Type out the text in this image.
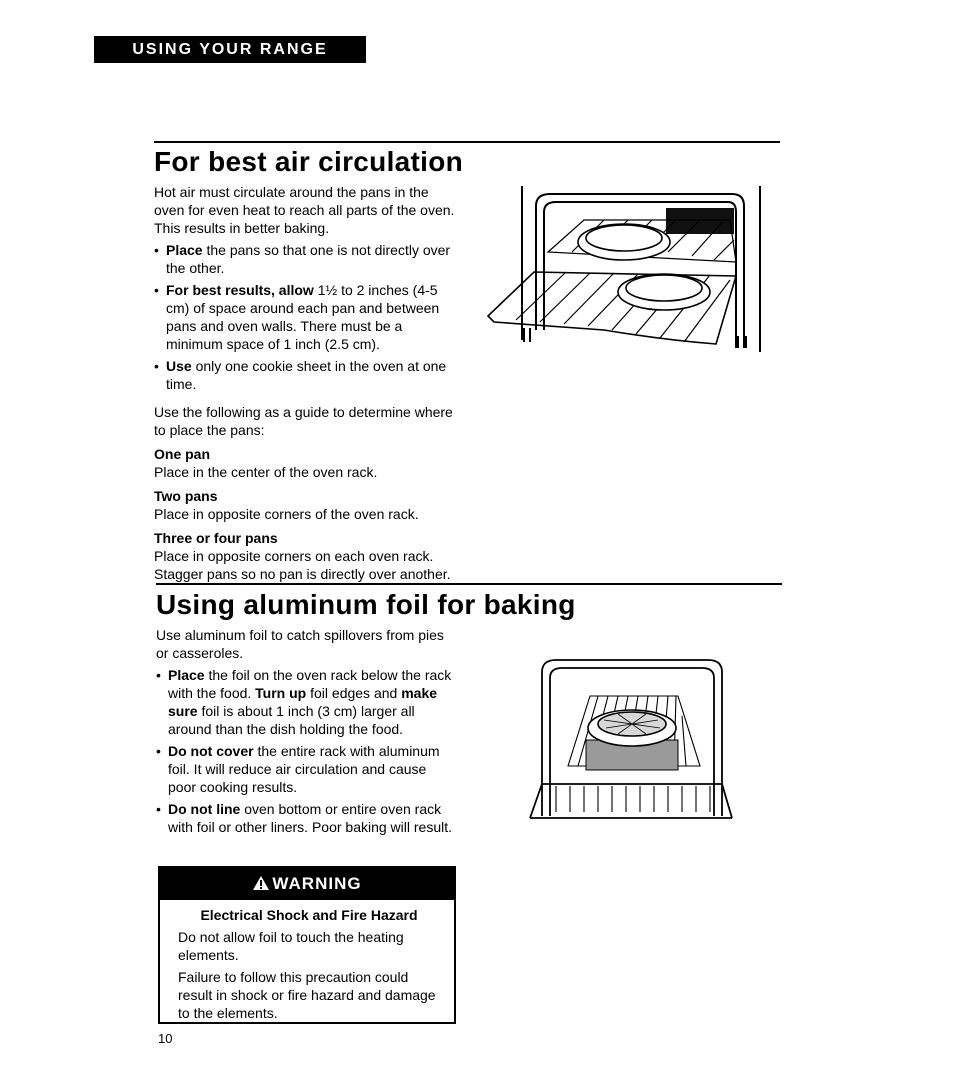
USING YOUR RANGE
For best air circulation

Hot air must circulate around the pans in the oven for even heat to reach all parts of the oven. This results in better baking.

• Place the pans so that one is not directly over the other.
• For best results, allow 1½ to 2 inches (4-5 cm) of space around each pan and between pans and oven walls. There must be a minimum space of 1 inch (2.5 cm).
• Use only one cookie sheet in the oven at one time.

Use the following as a guide to determine where to place the pans:

One pan

Place in the center of the oven rack.

Two pans

Place in opposite corners of the oven rack.

Three or four pans

Place in opposite corners on each oven rack. Stagger pans so no pan is directly over another.

Using aluminum foil for baking

Use aluminum foil to catch spillovers from pies or casseroles.

• Place the foil on the oven rack below the rack with the food. Turn up foil edges and make sure foil is about 1 inch (3 cm) larger all around than the dish holding the food.
• Do not cover the entire rack with aluminum foil. It will reduce air circulation and cause poor cooking results.
• Do not line oven bottom or entire oven rack with foil or other liners. Poor baking will result.
WARNING
Electrical Shock and Fire Hazard

Do not allow foil to touch the heating elements.

Failure to follow this precaution could result in shock or fire hazard and damage to the elements.

10
